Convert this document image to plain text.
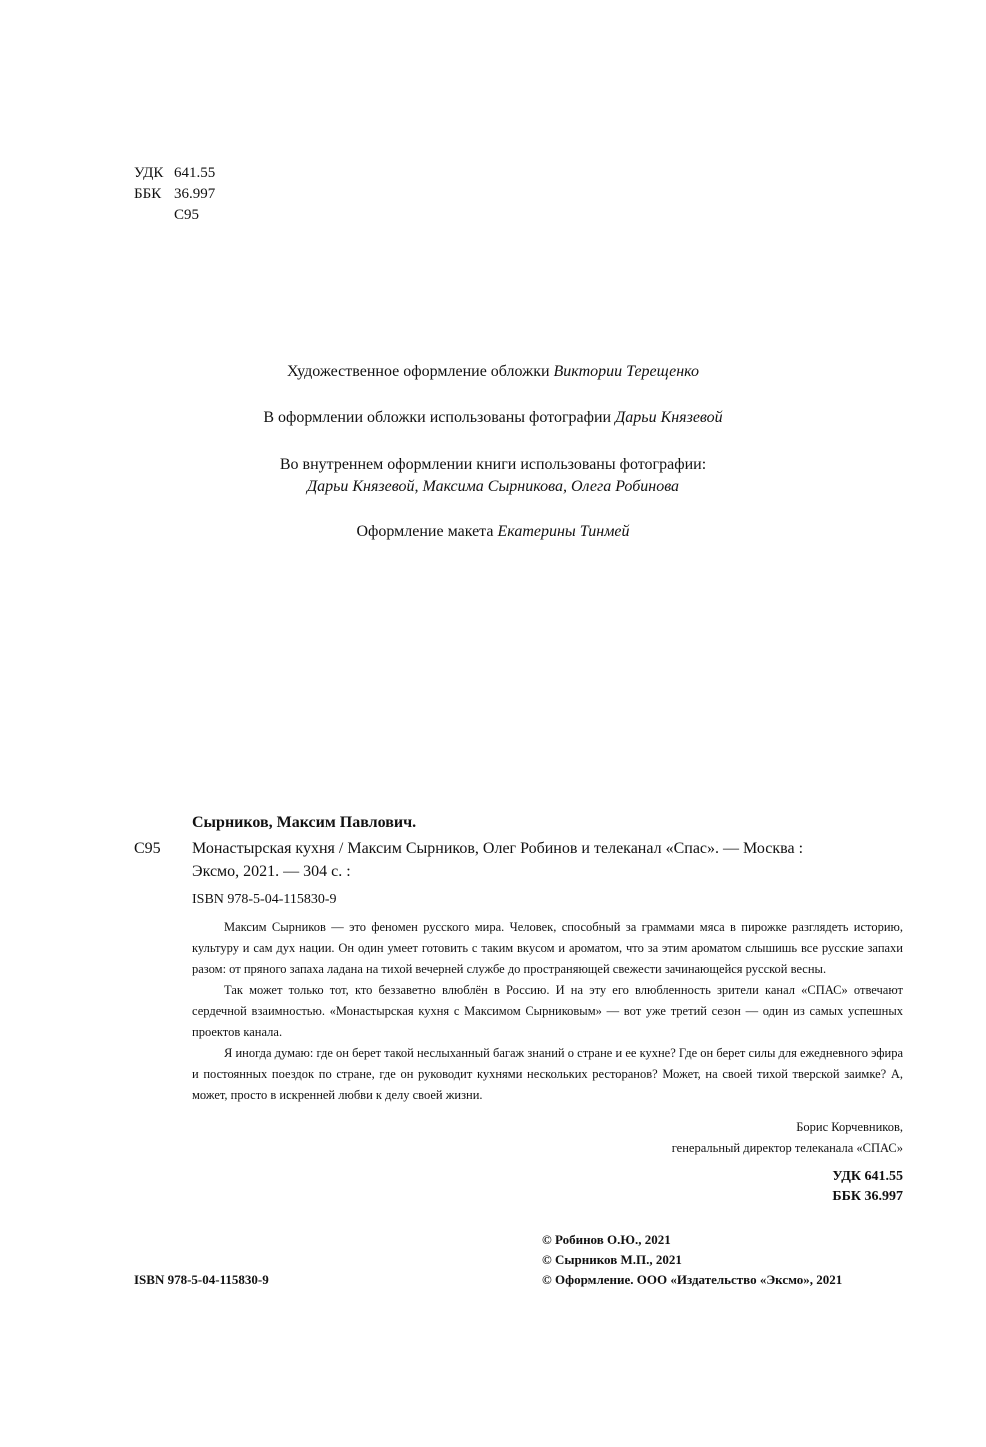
УДК 641.55
ББК 36.997
С95

Художественное оформление обложки Виктории Терещенко

В оформлении обложки использованы фотографии Дарьи Князевой

Во внутреннем оформлении книги использованы фотографии:

Дарьи Князевой, Максима Сырникова, Олега Робинова

Оформление макета Екатерины Тинмей

Сырников, Максим Павлович.
С95 Монастырская кухня / Максим Сырников, Олег Робинов и телеканал «Спас». — Москва :
Эксмо, 2021. — 304 с. :
ISBN 978-5-04-115830-9

Максим Сырников — это феномен русского мира. Человек, способный за граммами мяса в пирожке разглядеть историю, культуру и сам дух нации. Он один умеет готовить с таким вкусом и ароматом, что за этим ароматом слышишь все русские запахи разом: от пряного запаха ладана на тихой вечерней службе до пространяющей свежести зачинающейся русской весны.

Так может только тот, кто беззаветно влюблён в Россию. И на эту его влюбленность зрители канал «СПАС» отвечают сердечной взаимностью. «Монастырская кухня с Максимом Сырниковым» — вот уже третий сезон — один из самых успешных проектов канала.

Я иногда думаю: где он берет такой неслыханный багаж знаний о стране и ее кухне? Где он берет силы для ежедневного эфира и постоянных поездок по стране, где он руководит кухнями нескольких ресторанов? Может, на своей тихой тверской заимке? А, может, просто в искренней любви к делу своей жизни.

Борис Корчевников,
генеральный директор телеканала «СПАС»
УДК 641.55
ББК 36.997
ISBN 978-5-04-115830-9
© Робинов О.Ю., 2021
© Сырников М.П., 2021
© Оформление. ООО «Издательство «Эксмо», 2021
